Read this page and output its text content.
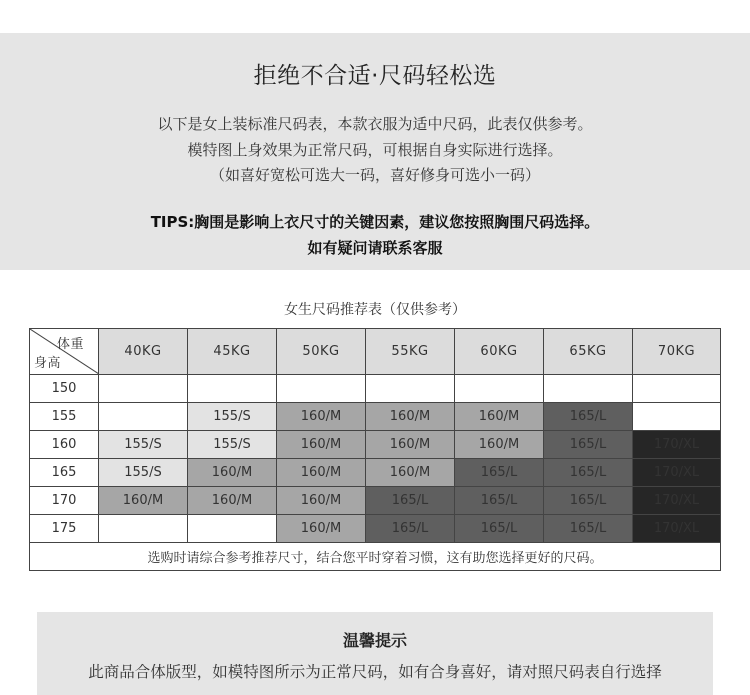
拒绝不合适·尺码轻松选
以下是女上装标准尺码表，本款衣服为适中尺码，此表仅供参考。
模特图上身效果为正常尺码，可根据自身实际进行选择。
（如喜好宽松可选大一码，喜好修身可选小一码）
TIPS:胸围是影响上衣尺寸的关键因素，建议您按照胸围尺码选择。
如有疑问请联系客服
女生尺码推荐表（仅供参考）
体重
身高	40KG	45KG	50KG	55KG	60KG	65KG	70KG
150							
155		155/S	160/M	160/M	160/M	165/L	
160	155/S	155/S	160/M	160/M	160/M	165/L	170/XL
165	155/S	160/M	160/M	160/M	165/L	165/L	170/XL
170	160/M	160/M	160/M	165/L	165/L	165/L	170/XL
175			160/M	165/L	165/L	165/L	170/XL
选购时请综合参考推荐尺寸，结合您平时穿着习惯，这有助您选择更好的尺码。							
温馨提示
此商品合体版型，如模特图所示为正常尺码，如有合身喜好，请对照尺码表自行选择
